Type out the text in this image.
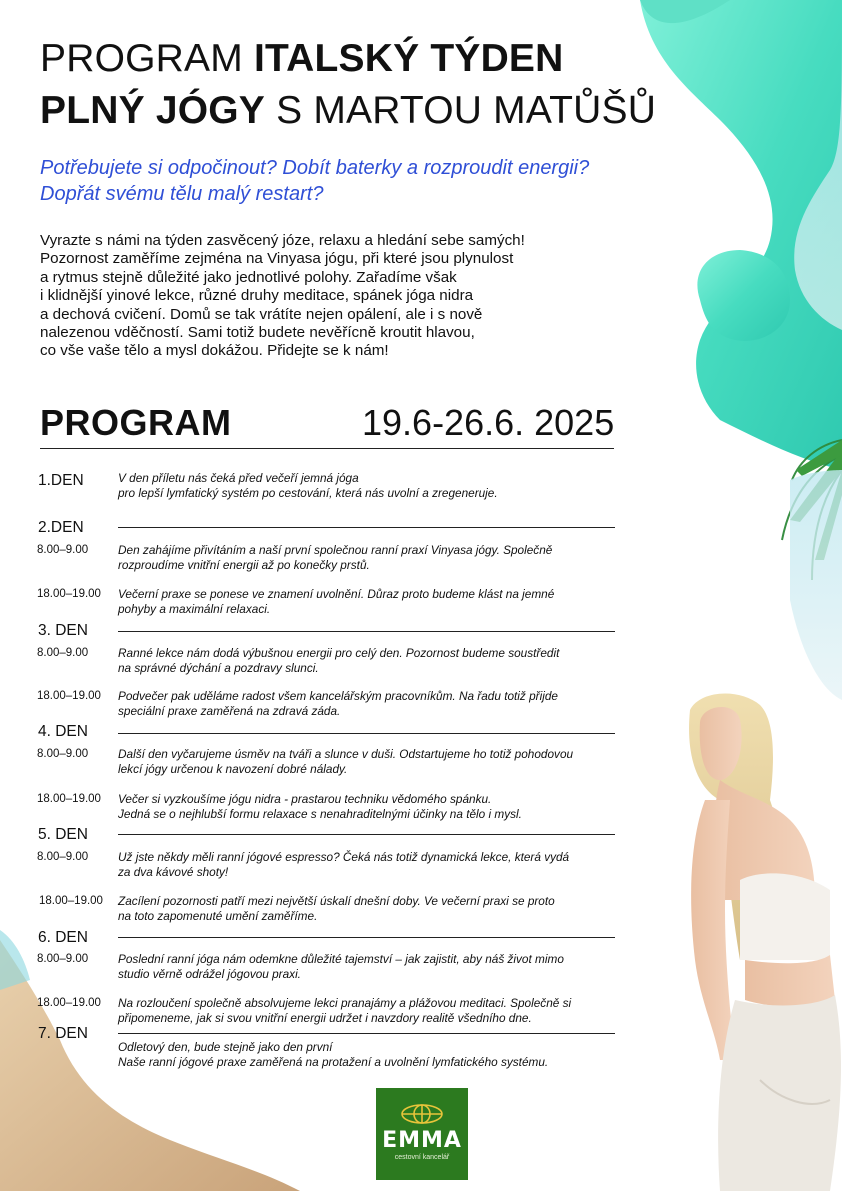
PROGRAM ITALSKÝ TÝDEN
PLNÝ JÓGY S MARTOU MATŮŠŮ

Potřebujete si odpočinout? Dobít baterky a rozproudit energii?

Dopřát svému tělu malý restart?

Vyrazte s námi na týden zasvěcený józe, relaxu a hledání sebe samých!

Pozornost zaměříme zejména na Vinyasa jógu, při které jsou plynulost

a rytmus stejně důležité jako jednotlivé polohy. Zařadíme však

i klidnější yinové lekce, různé druhy meditace, spánek jóga nidra

a dechová cvičení. Domů se tak vrátíte nejen opálení, ale i s nově

nalezenou vděčností. Sami totiž budete nevěřícně kroutit hlavou,

co vše vaše tělo a mysl dokážou. Přidejte se k nám!

PROGRAM	19.6-26.6. 2025
1.DEN	V den příletu nás čeká před večeří jemná jóga

pro lepší lymfatický systém po cestování, která nás uvolní a zregeneruje.

2.DEN
8.00–9.00	Den zahájíme přivítáním a naší první společnou ranní praxí Vinyasa jógy. Společně

rozproudíme vnitřní energii až po konečky prstů.

18.00–19.00 Večerní praxe se ponese ve znamení uvolnění. Důraz proto budeme klást na jemné

pohyby a maximální relaxaci.

3. DEN
8.00–9.00	Ranné lekce nám dodá výbušnou energii pro celý den. Pozornost budeme soustředit

na správné dýchání a pozdravy slunci.

18.00–19.00 Podvečer pak uděláme radost všem kancelářským pracovníkům. Na řadu totiž přijde

speciální praxe zaměřená na zdravá záda.

4. DEN
8.00–9.00	Další den vyčarujeme úsměv na tváři a slunce v duši. Odstartujeme ho totiž pohodovou

lekcí jógy určenou k navození dobré nálady.

18.00–19.00 Večer si vyzkoušíme jógu nidra - prastarou techniku vědomého spánku.

Jedná se o nejhlubší formu relaxace s nenahraditelnými účinky na tělo i mysl.

5. DEN
8.00–9.00	Už jste někdy měli ranní jógové espresso? Čeká nás totiž dynamická lekce, která vydá

za dva kávové shoty!

18.00–19.00 Zacílení pozornosti patří mezi největší úskalí dnešní doby. Ve večerní praxi se proto

na toto zapomenuté umění zaměříme.

6. DEN
8.00–9.00	Poslední ranní jóga nám odemkne důležité tajemství – jak zajistit, aby náš život mimo

studio věrně odrážel jógovou praxi.

18.00–19.00 Na rozloučení společně absolvujeme lekci pranajámy a plážovou meditaci. Společně si

připomeneme, jak si svou vnitřní energii udržet i navzdory realitě všedního dne.

7. DEN

Odletový den, bude stejně jako den první

Naše ranní jógové praxe zaměřená na protažení a uvolnění lymfatického systému.

EMMA
cestovní kancelář
